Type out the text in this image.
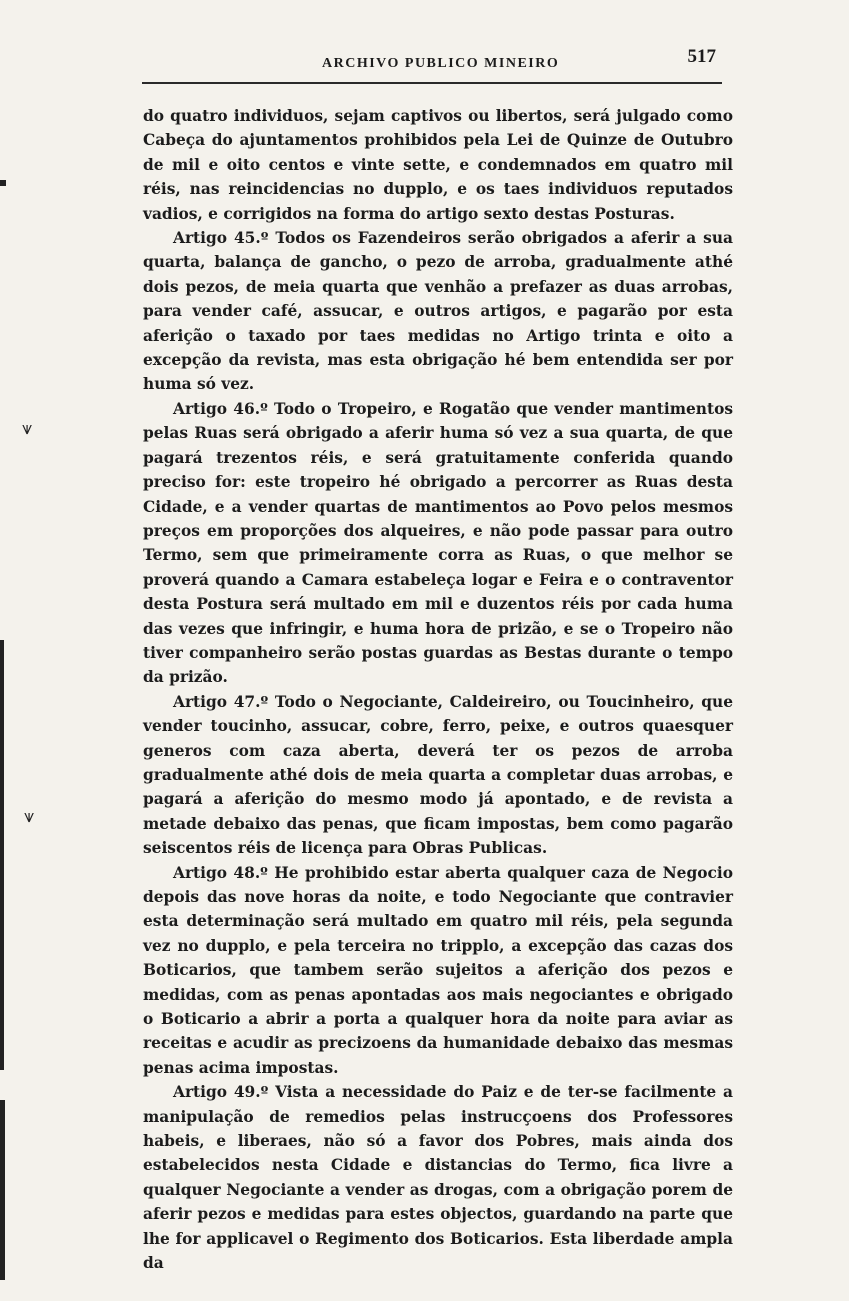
ARCHIVO PUBLICO MINEIRO	517

do quatro individuos, sejam captivos ou libertos, será julgado como Cabeça do ajuntamentos prohibidos pela Lei de Quinze de Outubro de mil e oito centos e vinte sette, e condemnados em quatro mil réis, nas reincidencias no dupplo, e os taes individuos reputados vadios, e corrigidos na forma do artigo sexto destas Posturas.

Artigo 45.º Todos os Fazendeiros serão obrigados a aferir a sua quarta, balança de gancho, o pezo de arroba, gradualmente athé dois pezos, de meia quarta que venhão a prefazer as duas arrobas, para vender café, assucar, e outros artigos, e pagarão por esta aferição o taxado por taes medidas no Artigo trinta e oito a excepção da revista, mas esta obrigação hé bem entendida ser por huma só vez.

Artigo 46.º Todo o Tropeiro, e Rogatão que vender mantimentos pelas Ruas será obrigado a aferir huma só vez a sua quarta, de que pagará trezentos réis, e será gratuitamente conferida quando preciso for: este tropeiro hé obrigado a percorrer as Ruas desta Cidade, e a vender quartas de mantimentos ao Povo pelos mesmos preços em proporções dos alqueires, e não pode passar para outro Termo, sem que primeiramente corra as Ruas, o que melhor se proverá quando a Camara estabeleça logar e Feira e o contraventor desta Postura será multado em mil e duzentos réis por cada huma das vezes que infringir, e huma hora de prizão, e se o Tropeiro não tiver companheiro serão postas guardas as Bestas durante o tempo da prizão.

Artigo 47.º Todo o Negociante, Caldeireiro, ou Toucinheiro, que vender toucinho, assucar, cobre, ferro, peixe, e outros quaesquer generos com caza aberta, deverá ter os pezos de arroba gradualmente athé dois de meia quarta a completar duas arrobas, e pagará a aferição do mesmo modo já apontado, e de revista a metade debaixo das penas, que ficam impostas, bem como pagarão seiscentos réis de licença para Obras Publicas.

Artigo 48.º He prohibido estar aberta qualquer caza de Negocio depois das nove horas da noite, e todo Negociante que contravier esta determinação será multado em quatro mil réis, pela segunda vez no dupplo, e pela terceira no tripplo, a excepção das cazas dos Boticarios, que tambem serão sujeitos a aferição dos pezos e medidas, com as penas apontadas aos mais negociantes e obrigado o Boticario a abrir a porta a qualquer hora da noite para aviar as receitas e acudir as precizoens da humanidade debaixo das mesmas penas acima impostas.

Artigo 49.º Vista a necessidade do Paiz e de ter-se facilmente a manipulação de remedios pelas instrucçoens dos Professores habeis, e liberaes, não só a favor dos Pobres, mais ainda dos estabelecidos nesta Cidade e distancias do Termo, fica livre a qualquer Negociante a vender as drogas, com a obrigação porem de aferir pezos e medidas para estes objectos, guardando na parte que lhe for applicavel o Regimento dos Boticarios. Esta liberdade ampla da

⩛
⩛
